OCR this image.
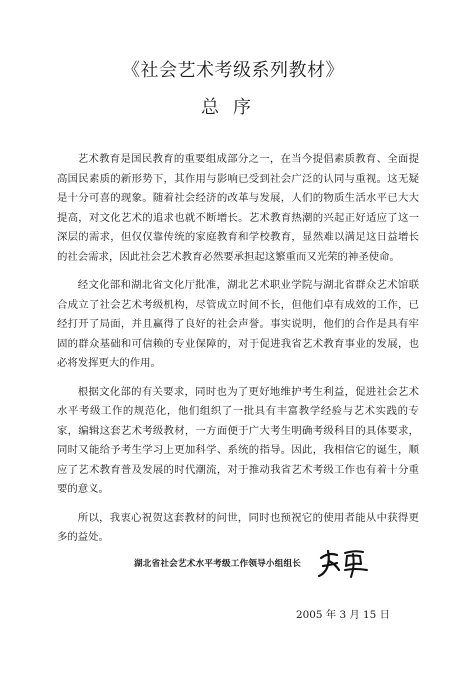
《社会艺术考级系列教材》
总序

艺术教育是国民教育的重要组成部分之一，在当今提倡素质教育、全面提高国民素质的新形势下，其作用与影响已受到社会广泛的认同与重视。这无疑是十分可喜的现象。随着社会经济的改革与发展，人们的物质生活水平已大大提高，对文化艺术的追求也就不断增长。艺术教育热潮的兴起正好适应了这一深层的需求，但仅仅靠传统的家庭教育和学校教育，显然难以满足这日益增长的社会需求，因此社会艺术教育必然要承担起这繁重而又光荣的神圣使命。

经文化部和湖北省文化厅批准，湖北艺术职业学院与湖北省群众艺术馆联合成立了社会艺术考级机构，尽管成立时间不长，但他们卓有成效的工作，已经打开了局面，并且赢得了良好的社会声誉。事实说明，他们的合作是具有牢固的群众基础和可信赖的专业保障的，对于促进我省艺术教育事业的发展，也必将发挥更大的作用。

根据文化部的有关要求，同时也为了更好地维护考生利益，促进社会艺术水平考级工作的规范化，他们组织了一批具有丰富教学经验与艺术实践的专家，编辑这套艺术考级教材，一方面便于广大考生明确考级科目的具体要求，同时又能给予考生学习上更加科学、系统的指导。因此，我相信它的诞生，顺应了艺术教育普及发展的时代潮流，对于推动我省艺术考级工作也有着十分重要的意义。

所以，我衷心祝贺这套教材的问世，同时也预祝它的使用者能从中获得更多的益处。

湖北省社会艺术水平考级工作领导小组组长
2005 年 3 月 15 日
